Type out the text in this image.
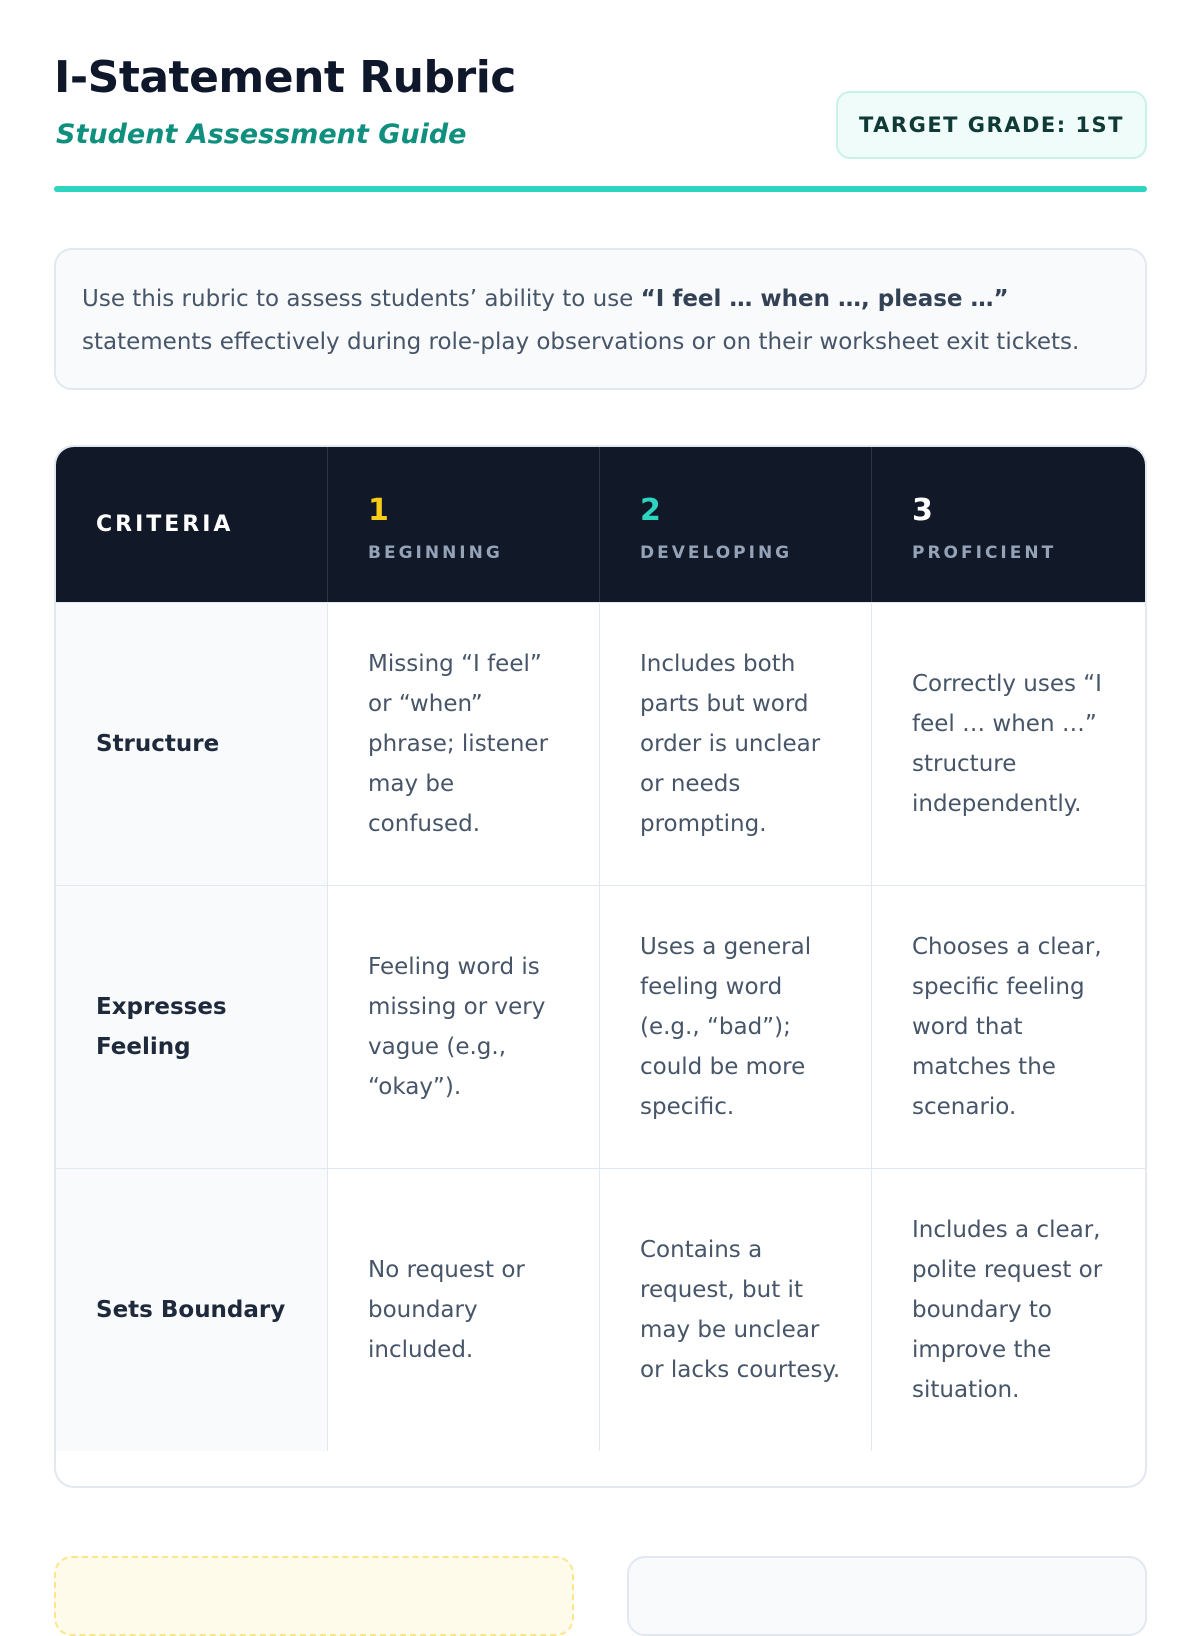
I-Statement Rubric
Student Assessment Guide	TARGET GRADE: 1ST
Use this rubric to assess students’ ability to use “I feel … when …, please …” statements effectively during role-play observations or on their worksheet exit tickets.
CRITERIA	1
BEGINNING
2
DEVELOPING
3
PROFICIENT
Structure
Missing “I feel” or “when” phrase; listener may be confused.
Includes both parts but word order is unclear or needs prompting.
Correctly uses “I feel … when …” structure independently.
Expresses Feeling
Feeling word is missing or very vague (e.g., “okay”).
Uses a general feeling word (e.g., “bad”); could be more specific.
Chooses a clear, specific feeling word that matches the scenario.
Sets Boundary
No request or boundary included.
Contains a request, but it may be unclear or lacks courtesy.
Includes a clear, polite request or boundary to improve the situation.
